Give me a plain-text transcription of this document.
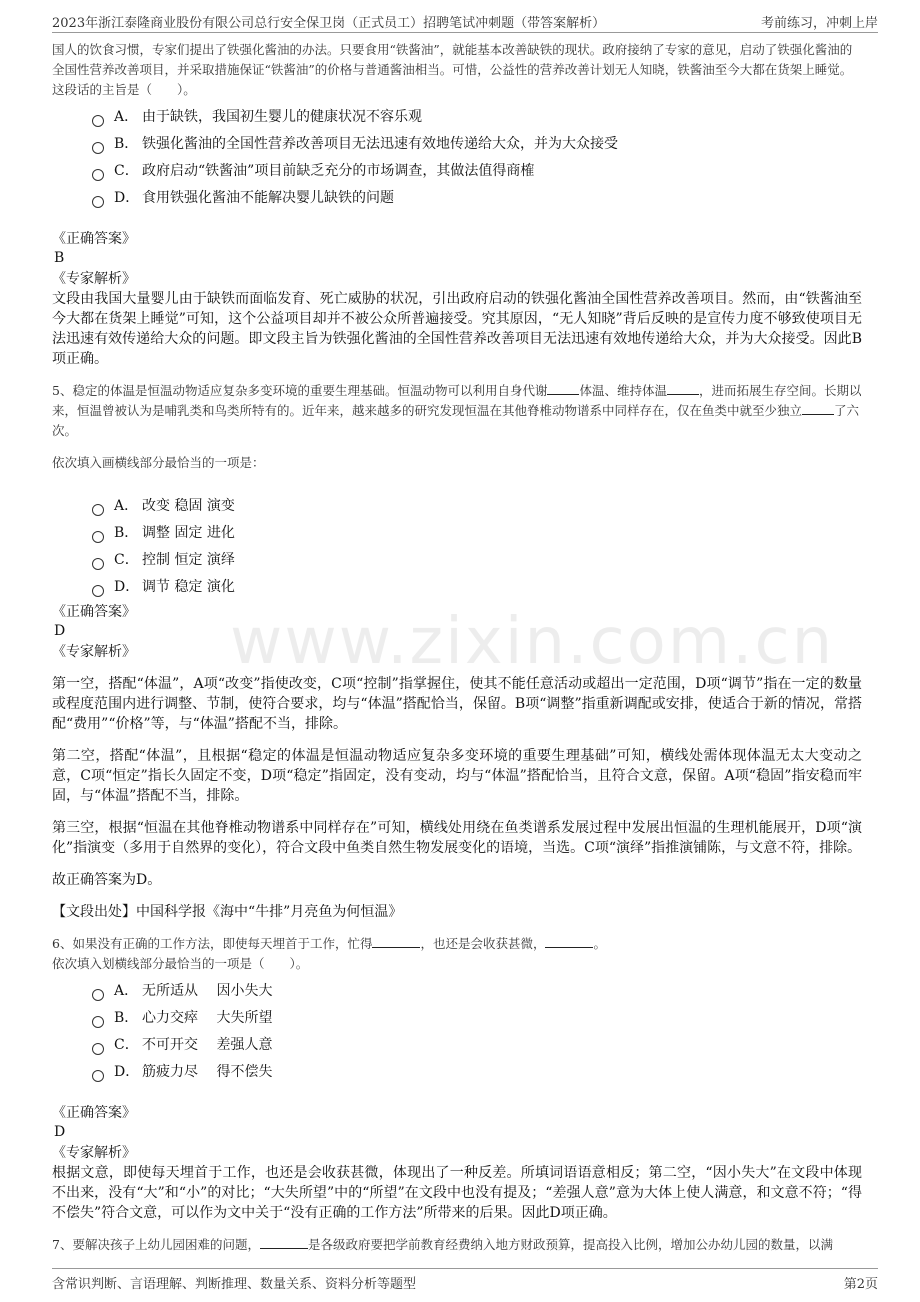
2023年浙江泰隆商业股份有限公司总行安全保卫岗（正式员工）招聘笔试冲刺题（带答案解析）	考前练习，冲刺上岸
www.zixin.com.cn
国人的饮食习惯，专家们提出了铁强化酱油的办法。只要食用“铁酱油”，就能基本改善缺铁的现状。政府接纳了专家的意见，启动了铁强化酱油的全国性营养改善项目，并采取措施保证“铁酱油”的价格与普通酱油相当。可惜，公益性的营养改善计划无人知晓，铁酱油至今大都在货架上睡觉。
这段话的主旨是（　　）。
A． 由于缺铁，我国初生婴儿的健康状况不容乐观
B． 铁强化酱油的全国性营养改善项目无法迅速有效地传递给大众，并为大众接受
C． 政府启动“铁酱油”项目前缺乏充分的市场调查，其做法值得商榷
D． 食用铁强化酱油不能解决婴儿缺铁的问题
《正确答案》
B
《专家解析》
文段由我国大量婴儿由于缺铁而面临发育、死亡威胁的状况，引出政府启动的铁强化酱油全国性营养改善项目。然而，由“铁酱油至今大都在货架上睡觉”可知，这个公益项目却并不被公众所普遍接受。究其原因，“无人知晓”背后反映的是宣传力度不够致使项目无法迅速有效传递给大众的问题。即文段主旨为铁强化酱油的全国性营养改善项目无法迅速有效地传递给大众，并为大众接受。因此B项正确。
5、稳定的体温是恒温动物适应复杂多变环境的重要生理基础。恒温动物可以利用自身代谢	体温、维持体温	，进而拓展生存空间。长期以来，恒温曾被认为是哺乳类和鸟类所特有的。近年来，越来越多的研究发现恒温在其他脊椎动物谱系中同样存在，仅在鱼类中就至少独立	了六次。
依次填入画横线部分最恰当的一项是：
A． 改变 稳固 演变
B． 调整 固定 进化
C． 控制 恒定 演绎
D． 调节 稳定 演化
《正确答案》
D
《专家解析》
第一空，搭配“体温”，A项“改变”指使改变，C项“控制”指掌握住，使其不能任意活动或超出一定范围，D项“调节”指在一定的数量或程度范围内进行调整、节制，使符合要求，均与“体温”搭配恰当，保留。B项“调整”指重新调配或安排，使适合于新的情况，常搭配“费用”“价格”等，与“体温”搭配不当，排除。
第二空，搭配“体温”，且根据“稳定的体温是恒温动物适应复杂多变环境的重要生理基础”可知，横线处需体现体温无太大变动之意，C项“恒定”指长久固定不变，D项“稳定”指固定，没有变动，均与“体温”搭配恰当，且符合文意，保留。A项“稳固”指安稳而牢固，与“体温”搭配不当，排除。
第三空，根据“恒温在其他脊椎动物谱系中同样存在”可知，横线处用绕在鱼类谱系发展过程中发展出恒温的生理机能展开，D项“演化”指演变（多用于自然界的变化），符合文段中鱼类自然生物发展变化的语境，当选。C项“演绎”指推演铺陈，与文意不符，排除。
故正确答案为D。
【文段出处】中国科学报《海中“牛排”月亮鱼为何恒温》
6、如果没有正确的工作方法，即使每天埋首于工作，忙得	，也还是会收获甚微，	。
依次填入划横线部分最恰当的一项是（　　）。
A． 无所适从　 因小失大
B． 心力交瘁　 大失所望
C． 不可开交　 差强人意
D． 筋疲力尽　 得不偿失
《正确答案》
D
《专家解析》
根据文意，即使每天埋首于工作，也还是会收获甚微，体现出了一种反差。所填词语语意相反；第二空，“因小失大”在文段中体现不出来，没有“大”和“小”的对比；“大失所望”中的“所望”在文段中也没有提及；“差强人意”意为大体上使人满意，和文意不符；“得不偿失”符合文意，可以作为文中关于“没有正确的工作方法”所带来的后果。因此D项正确。
7、要解决孩子上幼儿园困难的问题，	是各级政府要把学前教育经费纳入地方财政预算，提高投入比例，增加公办幼儿园的数量，以满
含常识判断、言语理解、判断推理、数量关系、资料分析等题型	第2页
